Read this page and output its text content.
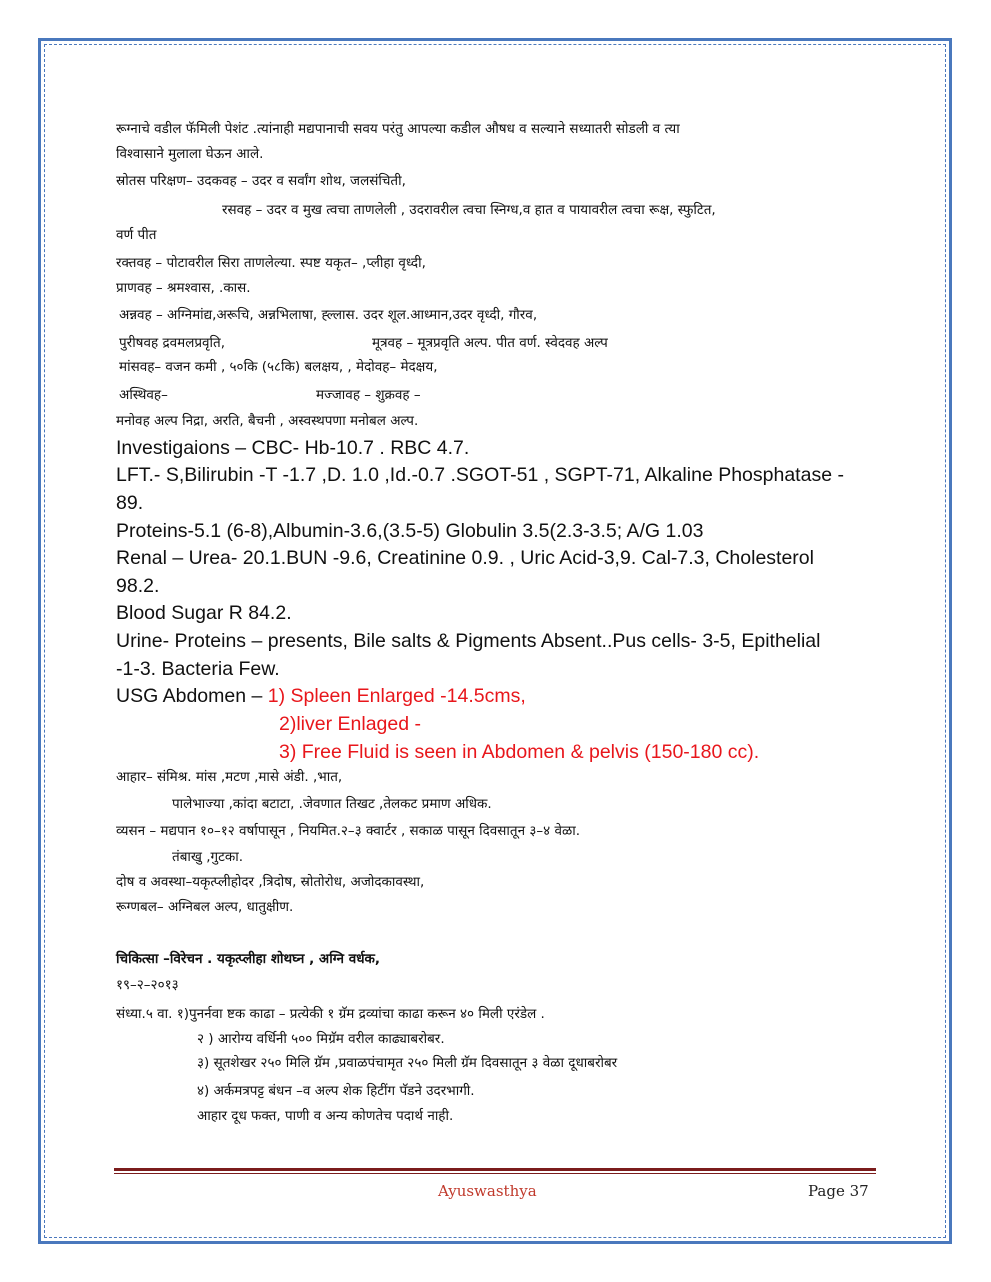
रूग्नाचे वडील फॅमिली पेशंट .त्यांनाही मद्यपानाची सवय परंतु आपल्या कडील औषध व सल्याने सध्यातरी सोडली व त्या
विश्वासाने मुलाला घेऊन आले.
स्रोतस परिक्षण– उदकवह – उदर व सर्वांग शोथ, जलसंचिती,
रसवह – उदर व मुख त्वचा ताणलेली , उदरावरील त्वचा स्निग्ध,व हात व पायावरील त्वचा रूक्ष, स्फुटित,
वर्ण पीत
रक्तवह – पोटावरील सिरा ताणलेल्या. स्पष्ट यकृत– ,प्लीहा वृध्दी,
प्राणवह – श्रमश्वास, .कास.
अन्नवह – अग्निमांद्य,अरूचि, अन्नभिलाषा, ह्ल्लास. उदर शूल.आध्मान,उदर वृध्दी, गौरव,
पुरीषवह द्रवमलप्रवृति,	मूत्रवह – मूत्रप्रवृति अल्प. पीत वर्ण. स्वेदवह अल्प
मांसवह– वजन कमी , ५०कि (५८कि) बलक्षय, , मेदोवह– मेदक्षय,
अस्थिवह–	मज्जावह – शुक्रवह –
मनोवह अल्प निद्रा, अरति, बैचनी , अस्वस्थपणा मनोबल अल्प.
Investigaions – CBC- Hb-10.7 . RBC 4.7.
LFT.- S,Bilirubin -T -1.7 ,D. 1.0 ,Id.-0.7 .SGOT-51 , SGPT-71, Alkaline Phosphatase -
89.
Proteins-5.1 (6-8),Albumin-3.6,(3.5-5) Globulin 3.5(2.3-3.5; A/G 1.03
Renal – Urea- 20.1.BUN -9.6, Creatinine 0.9. , Uric Acid-3,9. Cal-7.3, Cholesterol
98.2.
Blood Sugar R 84.2.
Urine- Proteins – presents, Bile salts & Pigments Absent..Pus cells- 3-5, Epithelial
-1-3. Bacteria Few.
USG Abdomen – 1) Spleen Enlarged -14.5cms,
2)liver Enlaged -
3) Free Fluid is seen in Abdomen & pelvis (150-180 cc).
आहार– संमिश्र. मांस ,मटण ,मासे अंडी. ,भात,
पालेभाज्या ,कांदा बटाटा, .जेवणात तिखट ,तेलकट प्रमाण अधिक.
व्यसन – मद्यपान १०–१२ वर्षापासून , नियमित.२–३ क्वार्टर , सकाळ पासून दिवसातून ३–४ वेळा.
तंबाखु ,गुटका.
दोष व अवस्था–यकृत्प्लीहोदर ,त्रिदोष, स्रोतोरोध, अजोदकावस्था,
रूग्णबल– अग्निबल अल्प, धातुक्षीण.
चिकित्सा –विरेचन . यकृत्प्लीहा शोथघ्न , अग्नि वर्धक,
१९–२–२०१३
संध्या.५ वा. १)पुनर्नवा ष्टक काढा – प्रत्येकी १ ग्रॅम द्रव्यांचा काढा करून ४० मिली एरंडेल .
२ ) आरोग्य वर्धिनी ५०० मिग्रॅम वरील काढ्याबरोबर.
३) सूतशेखर २५० मिलि ग्रॅम ,प्रवाळपंचामृत २५० मिली ग्रॅम दिवसातून ३ वेळा दूधाबरोबर
४) अर्कमत्रपट्ट बंधन –व अल्प शेक हिटींग पॅडने उदरभागी.
आहार दूध फक्त, पाणी व अन्य कोणतेच पदार्थ नाही.
Ayuswasthya	Page 37
